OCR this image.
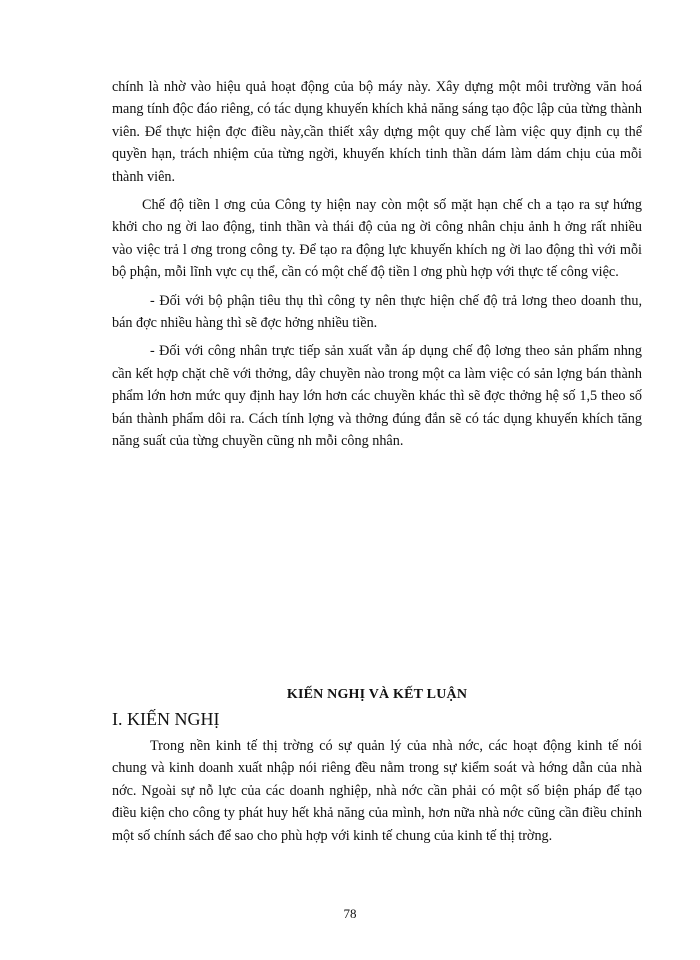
chính là nhờ vào hiệu quả hoạt động của bộ máy này. Xây dựng một môi trường văn hoá mang tính độc đáo riêng, có tác dụng khuyến khích khả năng sáng tạo độc lập của từng thành viên. Để thực hiện đợc điều này,cần thiết xây dựng một quy chế làm việc quy định cụ thể quyền hạn, trách nhiệm của từng ngời, khuyến khích tinh thần dám làm dám chịu của mỗi thành viên.

Chế độ tiền l ơng của Công ty hiện nay còn một số mặt hạn chế ch a tạo ra sự hứng khởi cho ng ời lao động, tinh thần và thái độ của ng ời công nhân chịu ảnh h ởng rất nhiều vào việc trả l ơng trong công ty. Để tạo ra động lực khuyến khích ng ời lao động thì với mỗi bộ phận, mỗi lĩnh vực cụ thể, cần có một chế độ tiền l ơng phù hợp với thực tế công việc.

- Đối với bộ phận tiêu thụ thì công ty nên thực hiện chế độ trả lơng theo doanh thu, bán đợc nhiều hàng thì sẽ đợc hởng nhiều tiền.

- Đối với công nhân trực tiếp sản xuất vẫn áp dụng chế độ lơng theo sản phẩm nhng cần kết hợp chặt chẽ với thởng, dây chuyền nào trong một ca làm việc có sản lợng bán thành phẩm lớn hơn mức quy định hay lớn hơn các chuyền khác thì sẽ đợc thởng hệ số 1,5 theo số bán thành phẩm dôi ra. Cách tính lợng và thởng đúng đắn sẽ có tác dụng khuyến khích tăng năng suất của từng chuyền cũng nh mỗi công nhân.

KIẾN NGHỊ VÀ KẾT LUẬN
I. KIẾN NGHỊ

Trong nền kinh tế thị trờng có sự quản lý của nhà nớc, các hoạt động kinh tế nói chung và kinh doanh xuất nhập nói riêng đều nằm trong sự kiểm soát và hớng dẫn của nhà nớc. Ngoài sự nỗ lực của các doanh nghiệp, nhà nớc cần phải có một số biện pháp để tạo điều kiện cho công ty phát huy hết khả năng của mình, hơn nữa nhà nớc cũng cần điều chỉnh một số chính sách để sao cho phù hợp với kinh tế chung của kinh tế thị trờng.

78
